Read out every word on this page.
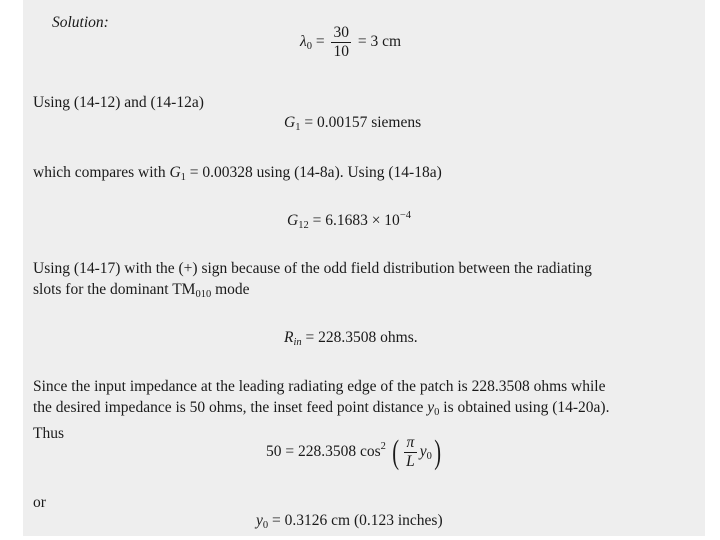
Solution:
$\lambda_0 = \frac{30}{10} = 3$ cm
Using (14-12) and (14-12a)
$G_1 = 0.00157$ siemens
which compares with $G_1 = 0.00328$ using (14-8a). Using (14-18a)
$G_{12} = 6.1683 \times 10^{-4}$
Using (14-17) with the (+) sign because of the odd field distribution between the radiating
slots for the dominant $TM_{010}$ mode
$R_{in} = 228.3508$ ohms.
Since the input impedance at the leading radiating edge of the patch is 228.3508 ohms while
the desired impedance is 50 ohms, the inset feed point distance $y_0$ is obtained using (14-20a).
Thus
50 = 228.3508 $\cos^2$ ( $\frac{\pi}{L} y_0$)
or
$y_0 = 0.3126$ cm (0.123 inches)
